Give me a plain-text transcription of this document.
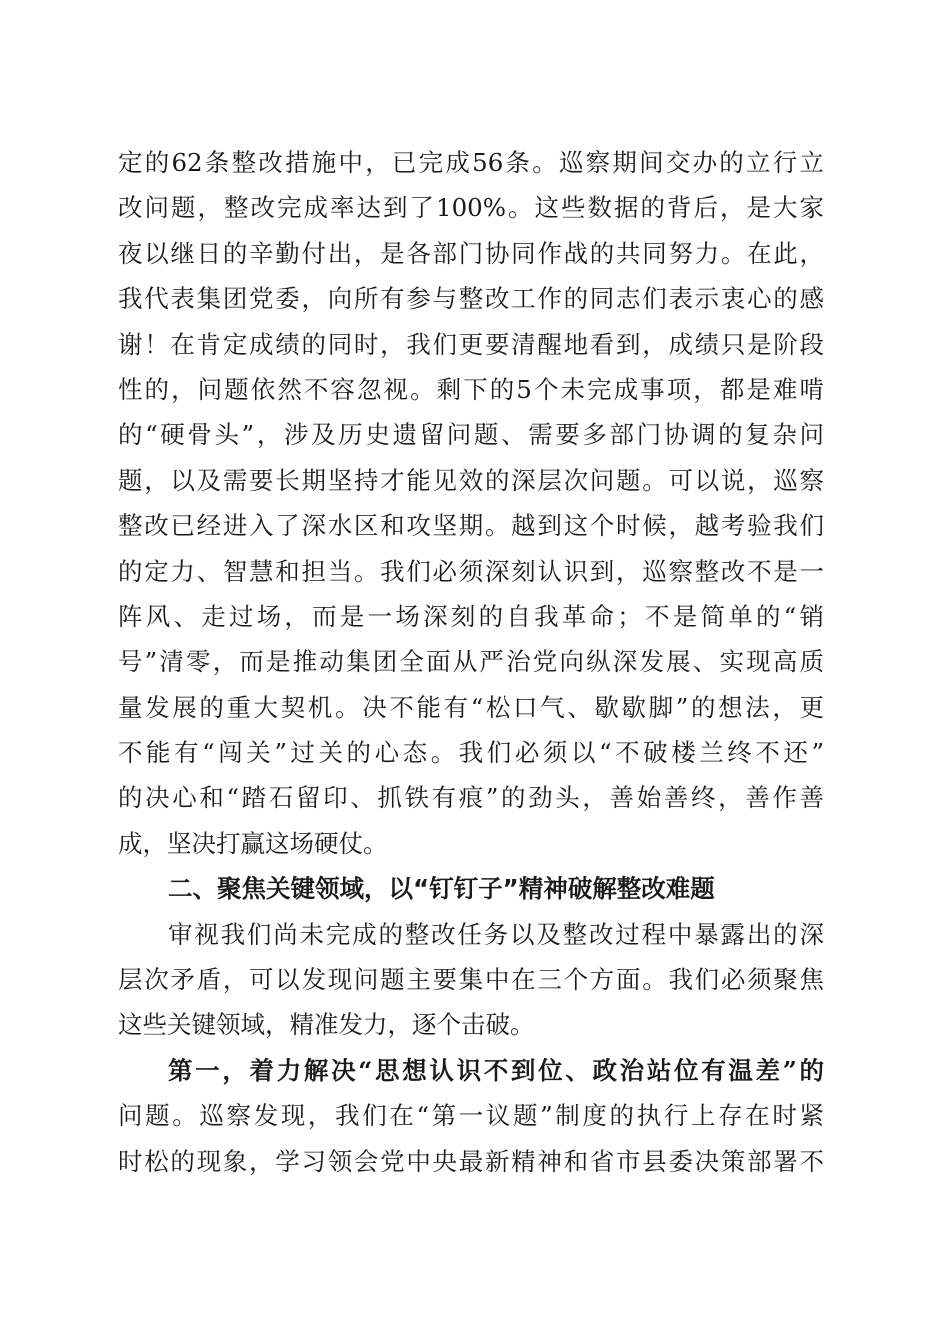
定的62条整改措施中，已完成56条。巡察期间交办的立行立
改问题，整改完成率达到了100%。这些数据的背后，是大家
夜以继日的辛勤付出，是各部门协同作战的共同努力。在此，
我代表集团党委，向所有参与整改工作的同志们表示衷心的感
谢！在肯定成绩的同时，我们更要清醒地看到，成绩只是阶段
性的，问题依然不容忽视。剩下的5个未完成事项，都是难啃
的“硬骨头”，涉及历史遗留问题、需要多部门协调的复杂问
题，以及需要长期坚持才能见效的深层次问题。可以说，巡察
整改已经进入了深水区和攻坚期。越到这个时候，越考验我们
的定力、智慧和担当。我们必须深刻认识到，巡察整改不是一
阵风、走过场，而是一场深刻的自我革命；不是简单的“销
号”清零，而是推动集团全面从严治党向纵深发展、实现高质
量发展的重大契机。决不能有“松口气、歇歇脚”的想法，更
不能有“闯关”过关的心态。我们必须以“不破楼兰终不还”
的决心和“踏石留印、抓铁有痕”的劲头，善始善终，善作善
成，坚决打赢这场硬仗。
二、聚焦关键领域，以“钉钉子”精神破解整改难题
审视我们尚未完成的整改任务以及整改过程中暴露出的深
层次矛盾，可以发现问题主要集中在三个方面。我们必须聚焦
这些关键领域，精准发力，逐个击破。
第一，着力解决“思想认识不到位、政治站位有温差”的
问题。巡察发现，我们在“第一议题”制度的执行上存在时紧
时松的现象，学习领会党中央最新精神和省市县委决策部署不
